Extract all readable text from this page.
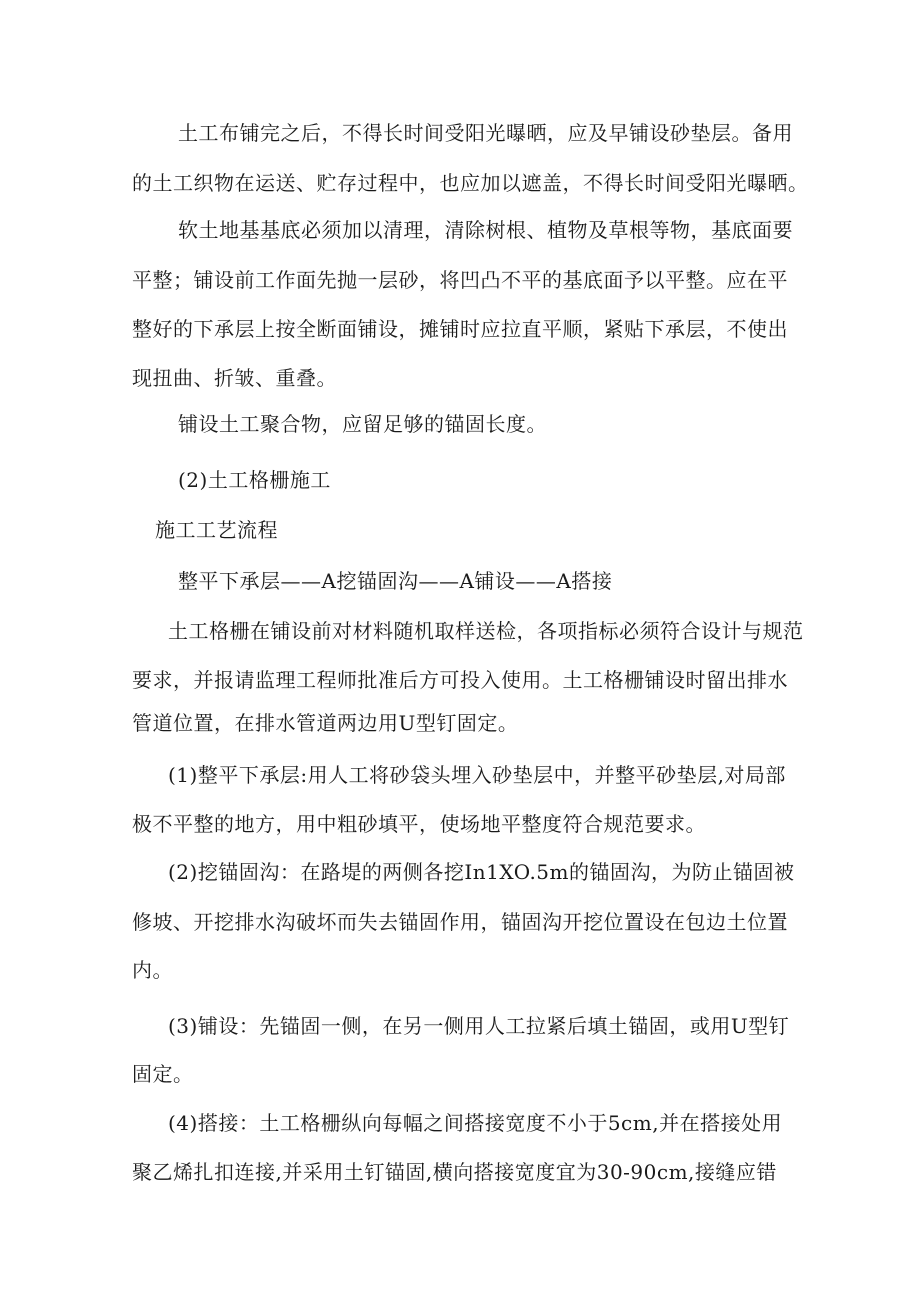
土工布铺完之后，不得长时间受阳光曝晒，应及早铺设砂垫层。备用
的土工织物在运送、贮存过程中，也应加以遮盖，不得长时间受阳光曝晒。
软土地基基底必须加以清理，清除树根、植物及草根等物，基底面要
平整；铺设前工作面先抛一层砂，将凹凸不平的基底面予以平整。应在平
整好的下承层上按全断面铺设，摊铺时应拉直平顺，紧贴下承层，不使出
现扭曲、折皱、重叠。
铺设土工聚合物，应留足够的锚固长度。
(2)土工格栅施工
施工工艺流程
整平下承层——A挖锚固沟——A铺设——A搭接
土工格栅在铺设前对材料随机取样送检，各项指标必须符合设计与规范
要求，并报请监理工程师批准后方可投入使用。土工格栅铺设时留出排水
管道位置，在排水管道两边用U型钉固定。
(1)整平下承层:用人工将砂袋头埋入砂垫层中，并整平砂垫层,对局部
极不平整的地方，用中粗砂填平，使场地平整度符合规范要求。
(2)挖锚固沟：在路堤的两侧各挖In1XO.5m的锚固沟，为防止锚固被
修坡、开挖排水沟破坏而失去锚固作用，锚固沟开挖位置设在包边土位置
内。
(3)铺设：先锚固一侧，在另一侧用人工拉紧后填土锚固，或用U型钉
固定。
(4)搭接：土工格栅纵向每幅之间搭接宽度不小于5cm,并在搭接处用
聚乙烯扎扣连接,并采用土钉锚固,横向搭接宽度宜为30-90cm,接缝应错
